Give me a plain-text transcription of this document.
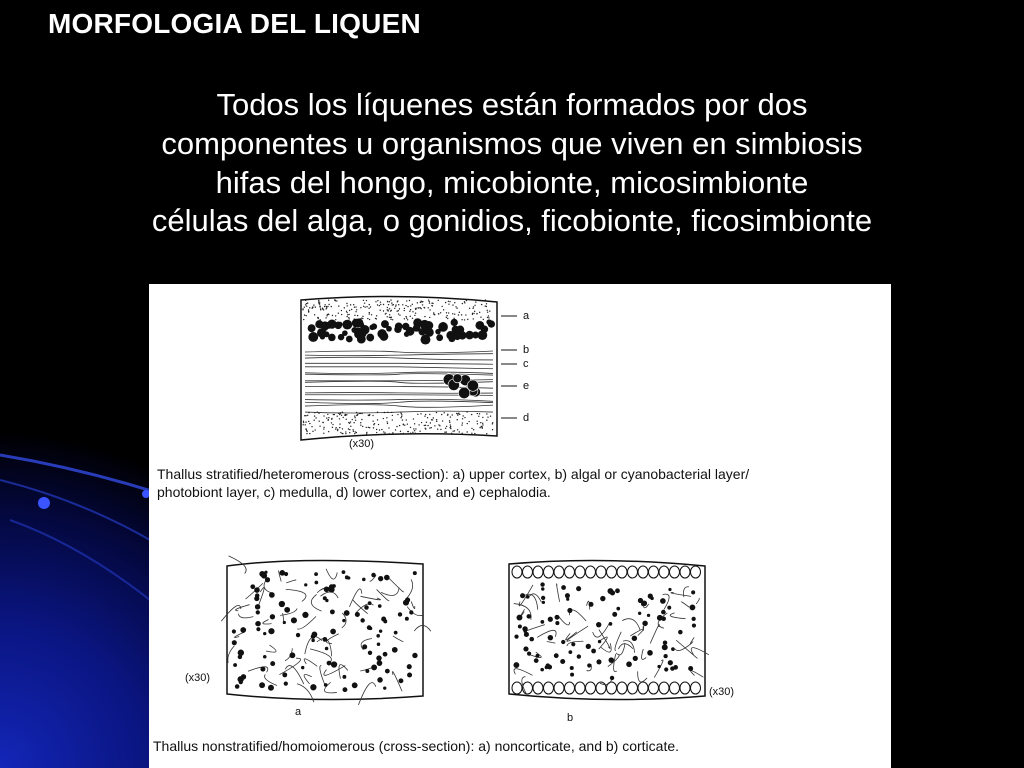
MORFOLOGIA DEL LIQUEN
Todos los líquenes están formados por dos
componentes u organismos que viven en simbiosis
hifas del hongo, micobionte, micosimbionte
células del alga, o gonidios, ficobionte, ficosimbionte
a
b
c
e
d
(x30)
Thallus stratified/heteromerous (cross-section): a) upper cortex, b) algal or cyanobacterial layer/
photobiont layer, c) medulla, d) lower cortex, and e) cephalodia.
(x30)
a
(x30)
b
Thallus nonstratified/homoiomerous (cross-section): a) noncorticate, and b) corticate.
